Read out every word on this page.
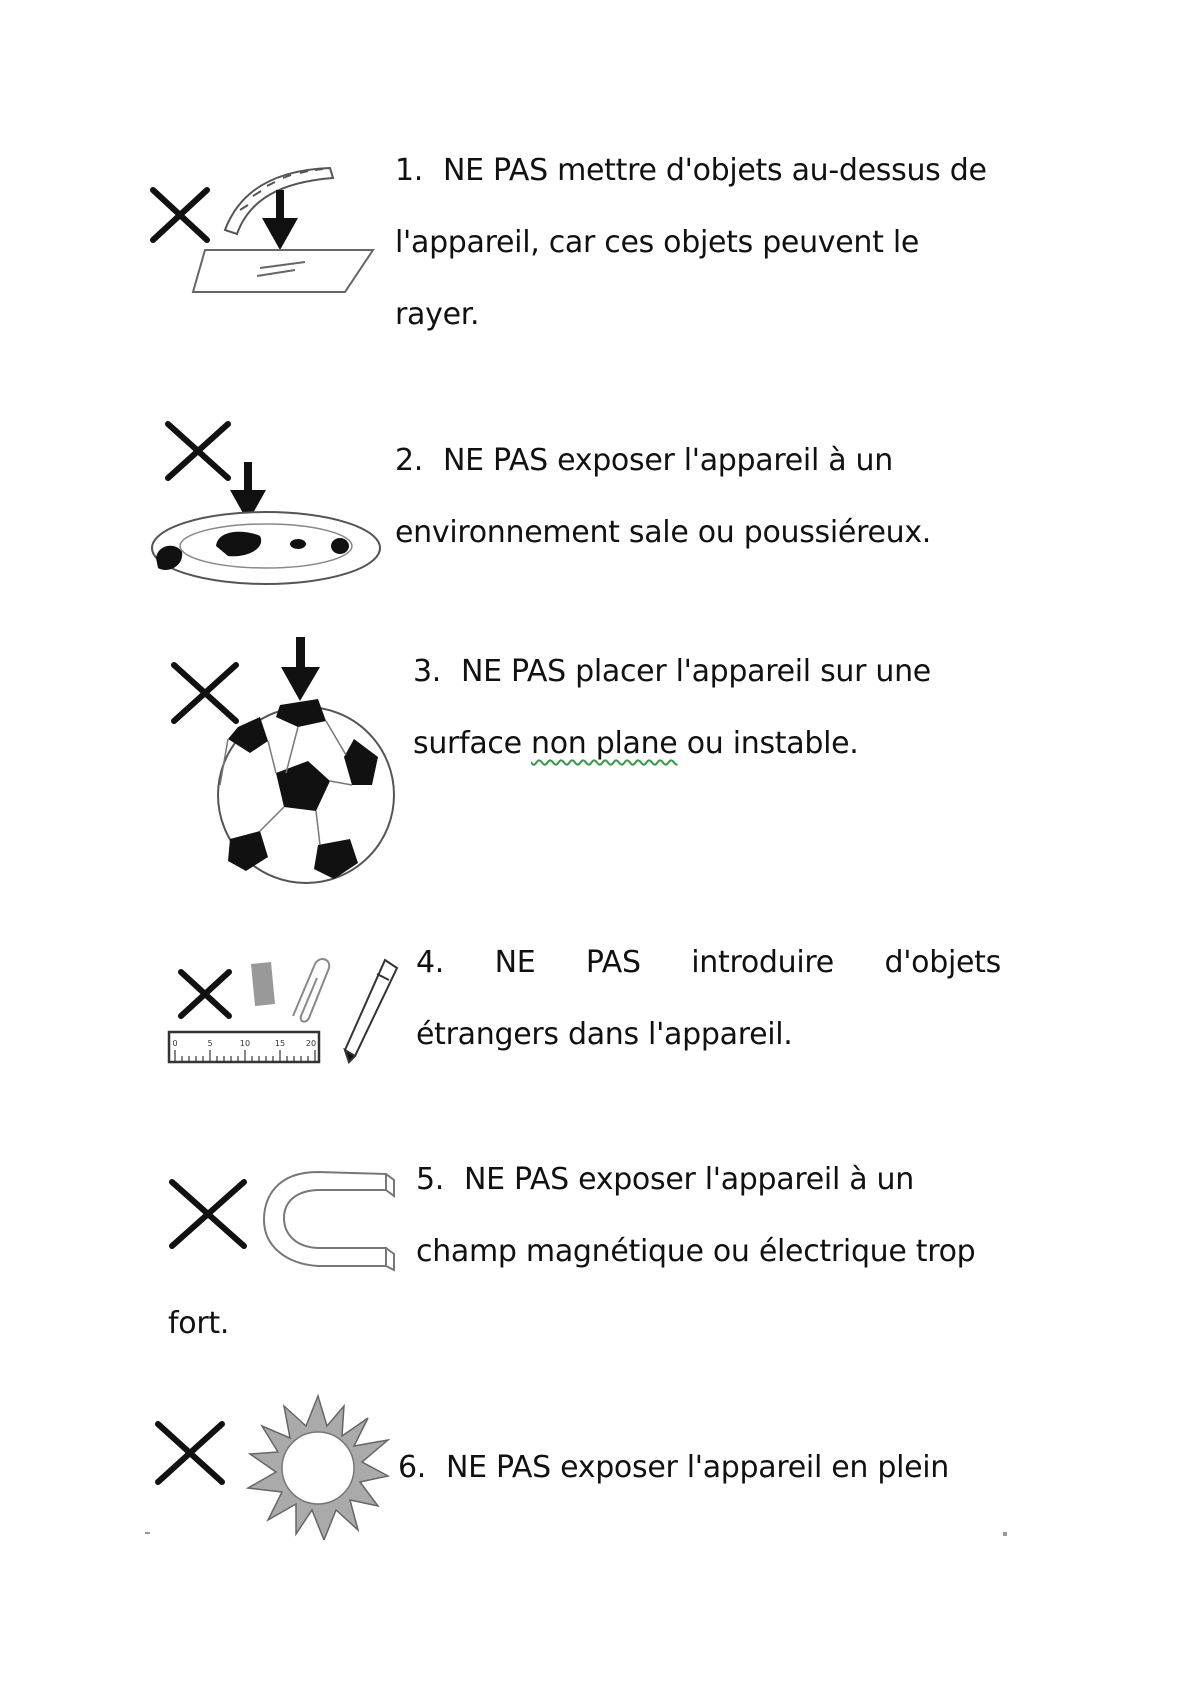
1. NE PAS mettre d'objets au-dessus de
l'appareil, car ces objets peuvent le
rayer.
2. NE PAS exposer l'appareil à un
environnement sale ou poussiéreux.
3. NE PAS placer l'appareil sur une
surface non plane ou instable.
0	5	10	15	20
4. NE PAS introduire d'objets
étrangers dans l'appareil.
5. NE PAS exposer l'appareil à un
champ magnétique ou électrique trop
fort.
6. NE PAS exposer l'appareil en plein
